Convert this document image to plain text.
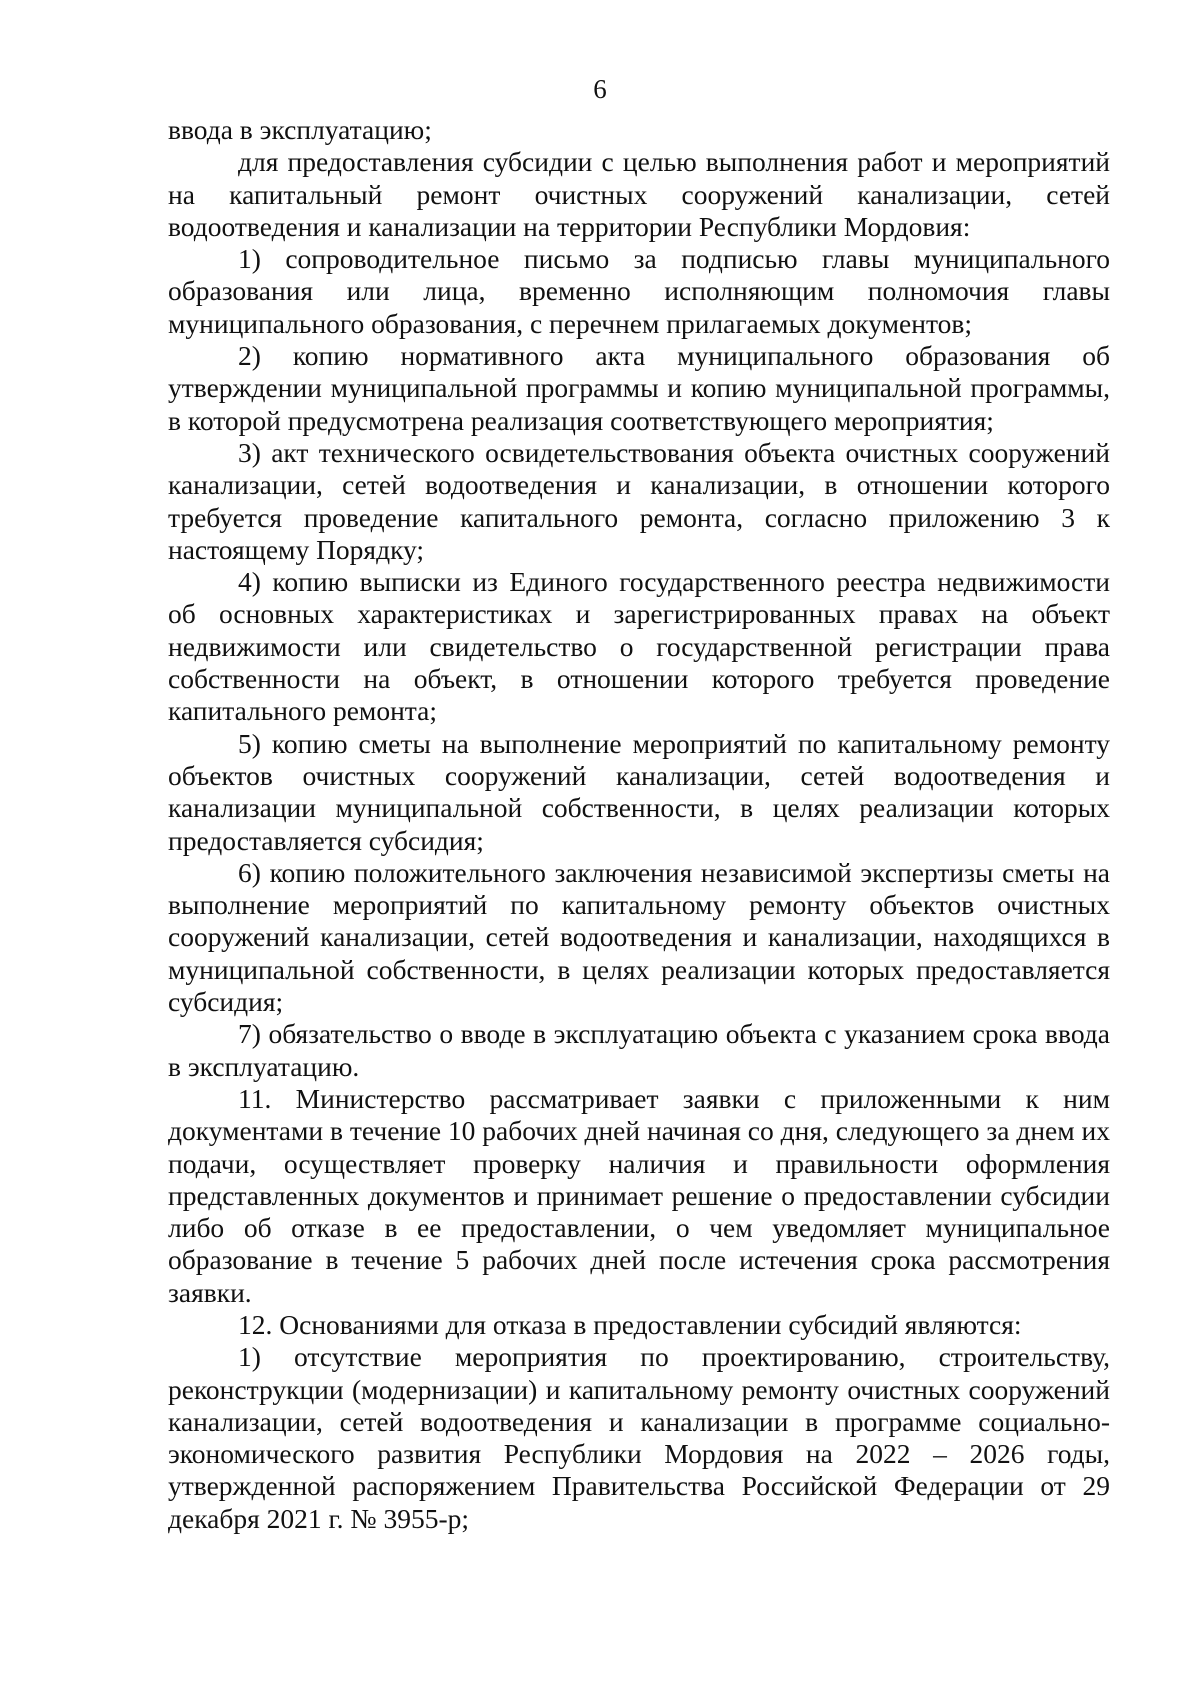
6

ввода в эксплуатацию;

для предоставления субсидии с целью выполнения работ и мероприятий на капитальный ремонт очистных сооружений канализации, сетей водоотведения и канализации на территории Республики Мордовия:

1) сопроводительное письмо за подписью главы муниципального образования или лица, временно исполняющим полномочия главы муниципального образования, с перечнем прилагаемых документов;

2) копию нормативного акта муниципального образования об утверждении муниципальной программы и копию муниципальной программы, в которой предусмотрена реализация соответствующего мероприятия;

3) акт технического освидетельствования объекта очистных сооружений канализации, сетей водоотведения и канализации, в отношении которого требуется проведение капитального ремонта, согласно приложению 3 к настоящему Порядку;

4) копию выписки из Единого государственного реестра недвижимости об основных характеристиках и зарегистрированных правах на объект недвижимости или свидетельство о государственной регистрации права собственности на объект, в отношении которого требуется проведение капитального ремонта;

5) копию сметы на выполнение мероприятий по капитальному ремонту объектов очистных сооружений канализации, сетей водоотведения и канализации муниципальной собственности, в целях реализации которых предоставляется субсидия;

6) копию положительного заключения независимой экспертизы сметы на выполнение мероприятий по капитальному ремонту объектов очистных сооружений канализации, сетей водоотведения и канализации, находящихся в муниципальной собственности, в целях реализации которых предоставляется субсидия;

7) обязательство о вводе в эксплуатацию объекта с указанием срока ввода в эксплуатацию.

11. Министерство рассматривает заявки с приложенными к ним документами в течение 10 рабочих дней начиная со дня, следующего за днем их подачи, осуществляет проверку наличия и правильности оформления представленных документов и принимает решение о предоставлении субсидии либо об отказе в ее предоставлении, о чем уведомляет муниципальное образование в течение 5 рабочих дней после истечения срока рассмотрения заявки.

12. Основаниями для отказа в предоставлении субсидий являются:

1) отсутствие мероприятия по проектированию, строительству, реконструкции (модернизации) и капитальному ремонту очистных сооружений канализации, сетей водоотведения и канализации в программе социально-экономического развития Республики Мордовия на 2022 – 2026 годы, утвержденной распоряжением Правительства Российской Федерации от 29 декабря 2021 г. № 3955-р;
